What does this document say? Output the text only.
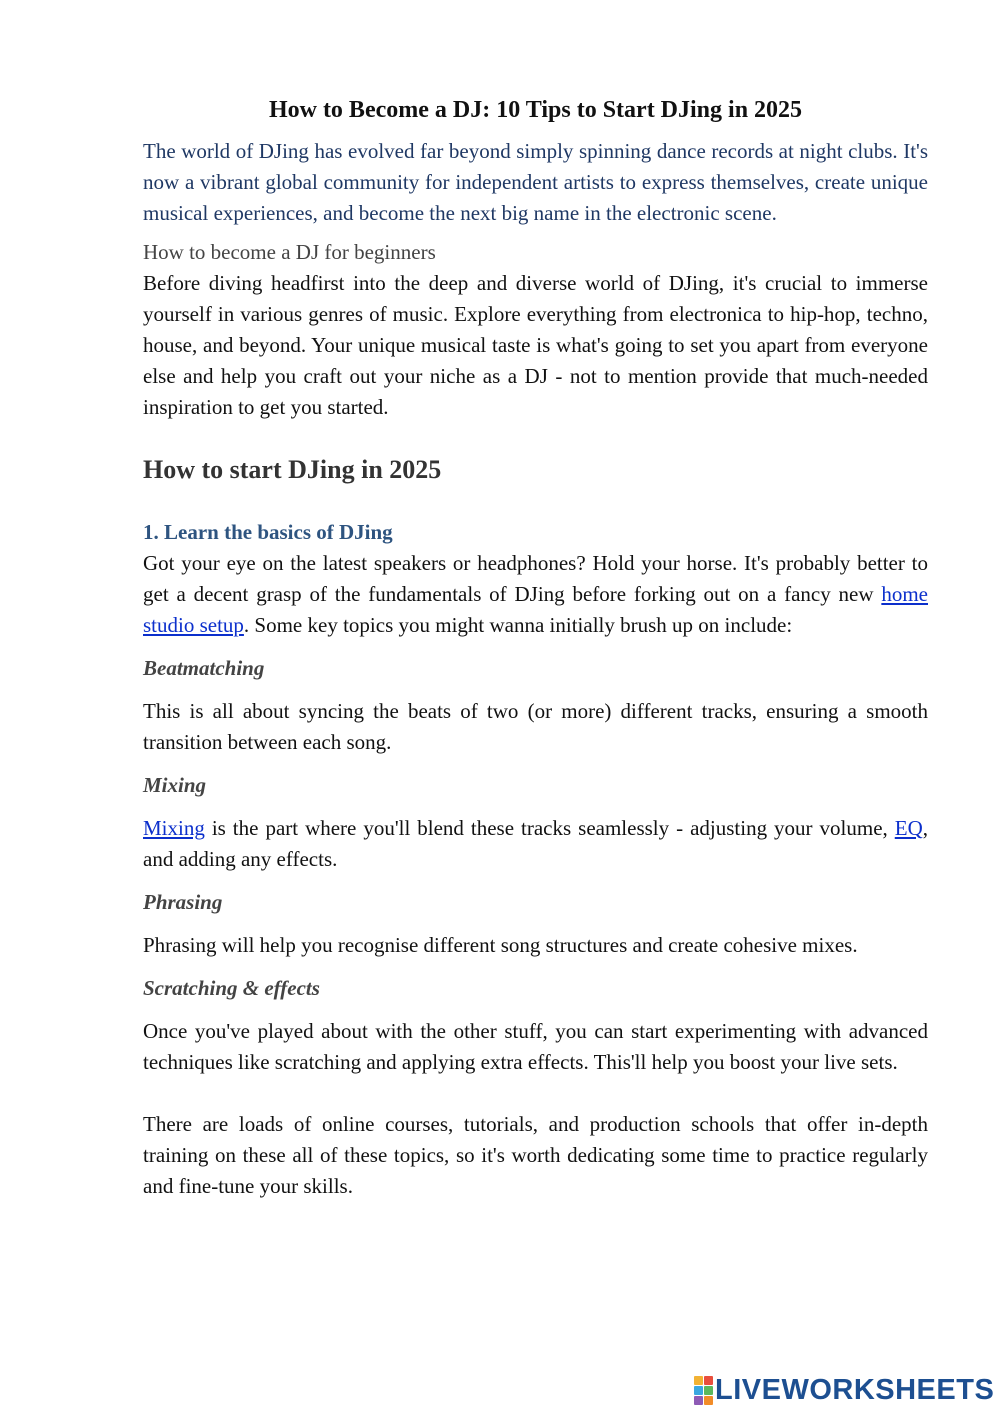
How to Become a DJ: 10 Tips to Start DJing in 2025

The world of DJing has evolved far beyond simply spinning dance records at night clubs. It's now a vibrant global community for independent artists to express themselves, create unique musical experiences, and become the next big name in the electronic scene.

How to become a DJ for beginners

Before diving headfirst into the deep and diverse world of DJing, it's crucial to immerse yourself in various genres of music. Explore everything from electronica to hip-hop, techno, house, and beyond. Your unique musical taste is what's going to set you apart from everyone else and help you craft out your niche as a DJ - not to mention provide that much-needed inspiration to get you started.

How to start DJing in 2025
1. Learn the basics of DJing

Got your eye on the latest speakers or headphones? Hold your horse. It's probably better to get a decent grasp of the fundamentals of DJing before forking out on a fancy new home studio setup. Some key topics you might wanna initially brush up on include:

Beatmatching

This is all about syncing the beats of two (or more) different tracks, ensuring a smooth transition between each song.

Mixing

Mixing is the part where you'll blend these tracks seamlessly - adjusting your volume, EQ, and adding any effects.

Phrasing

Phrasing will help you recognise different song structures and create cohesive mixes.

Scratching & effects

Once you've played about with the other stuff, you can start experimenting with advanced techniques like scratching and applying extra effects. This'll help you boost your live sets.

There are loads of online courses, tutorials, and production schools that offer in-depth training on these all of these topics, so it's worth dedicating some time to practice regularly and fine-tune your skills.

LIVEWORKSHEETS
